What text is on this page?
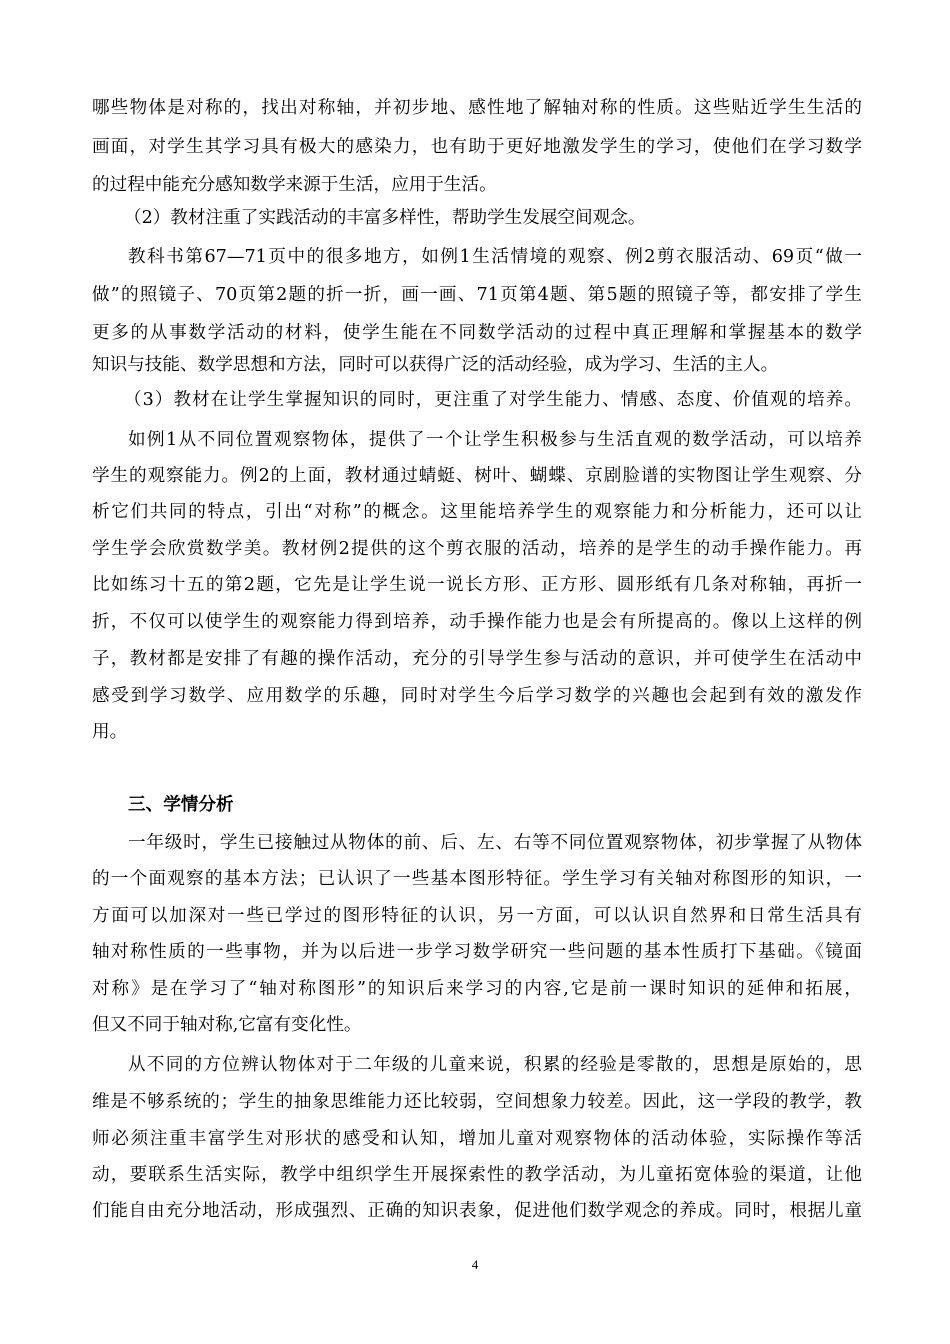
哪些物体是对称的，找出对称轴，并初步地、感性地了解轴对称的性质。这些贴近学生生活的
画面，对学生其学习具有极大的感染力，也有助于更好地激发学生的学习，使他们在学习数学
的过程中能充分感知数学来源于生活，应用于生活。
（2）教材注重了实践活动的丰富多样性，帮助学生发展空间观念。
教科书第67—71页中的很多地方，如例1生活情境的观察、例2剪衣服活动、69页“做一
做”的照镜子、70页第2题的折一折，画一画、71页第4题、第5题的照镜子等，都安排了学生
更多的从事数学活动的材料，使学生能在不同数学活动的过程中真正理解和掌握基本的数学
知识与技能、数学思想和方法，同时可以获得广泛的活动经验，成为学习、生活的主人。
（3）教材在让学生掌握知识的同时，更注重了对学生能力、情感、态度、价值观的培养。
如例1从不同位置观察物体，提供了一个让学生积极参与生活直观的数学活动，可以培养
学生的观察能力。例2的上面，教材通过蜻蜓、树叶、蝴蝶、京剧脸谱的实物图让学生观察、分
析它们共同的特点，引出“对称”的概念。这里能培养学生的观察能力和分析能力，还可以让
学生学会欣赏数学美。教材例2提供的这个剪衣服的活动，培养的是学生的动手操作能力。再
比如练习十五的第2题，它先是让学生说一说长方形、正方形、圆形纸有几条对称轴，再折一
折，不仅可以使学生的观察能力得到培养，动手操作能力也是会有所提高的。像以上这样的例
子，教材都是安排了有趣的操作活动，充分的引导学生参与活动的意识，并可使学生在活动中
感受到学习数学、应用数学的乐趣，同时对学生今后学习数学的兴趣也会起到有效的激发作
用。
三、学情分析
一年级时，学生已接触过从物体的前、后、左、右等不同位置观察物体，初步掌握了从物体
的一个面观察的基本方法；已认识了一些基本图形特征。学生学习有关轴对称图形的知识，一
方面可以加深对一些已学过的图形特征的认识，另一方面，可以认识自然界和日常生活具有
轴对称性质的一些事物，并为以后进一步学习数学研究一些问题的基本性质打下基础。《镜面
对称》是在学习了“轴对称图形”的知识后来学习的内容,它是前一课时知识的延伸和拓展，
但又不同于轴对称,它富有变化性。
从不同的方位辨认物体对于二年级的儿童来说，积累的经验是零散的，思想是原始的，思
维是不够系统的；学生的抽象思维能力还比较弱，空间想象力较差。因此，这一学段的教学，教
师必须注重丰富学生对形状的感受和认知，增加儿童对观察物体的活动体验，实际操作等活
动，要联系生活实际，教学中组织学生开展探索性的教学活动，为儿童拓宽体验的渠道，让他
们能自由充分地活动，形成强烈、正确的知识表象，促进他们数学观念的养成。同时，根据儿童
4
